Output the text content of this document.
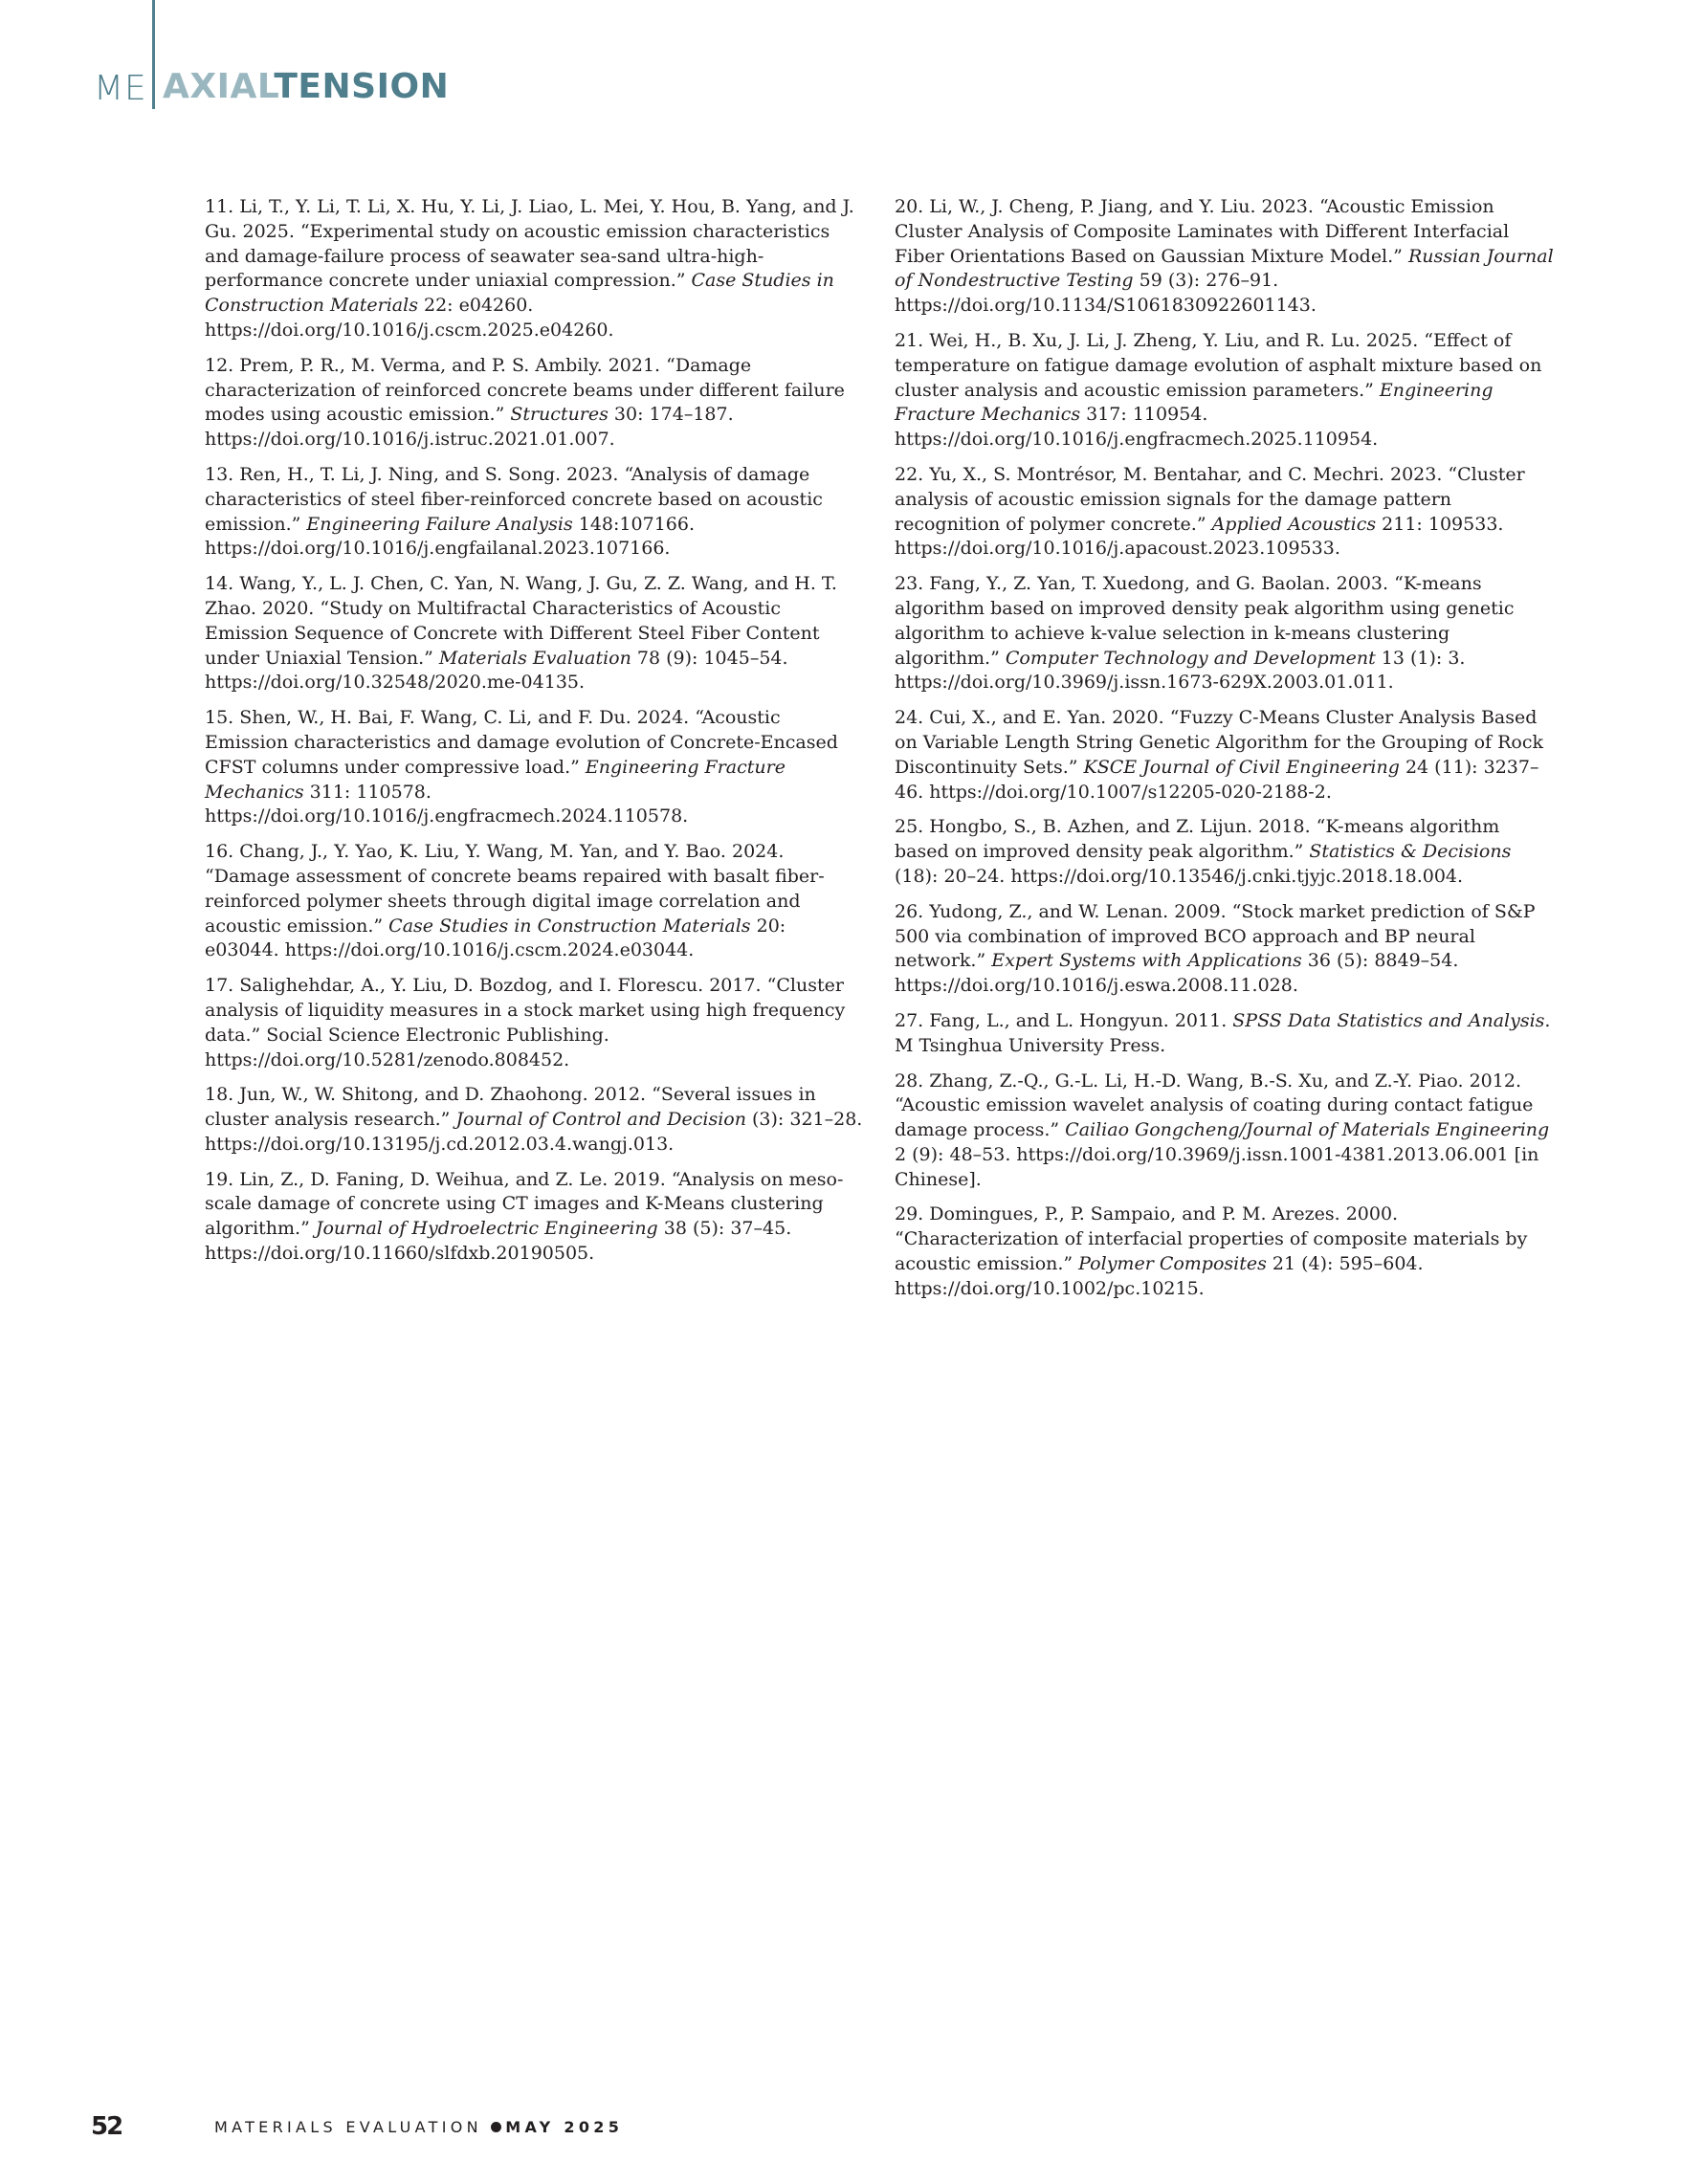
ME AXIALTENSION

11. Li, T., Y. Li, T. Li, X. Hu, Y. Li, J. Liao, L. Mei, Y. Hou, B. Yang, and J. Gu. 2025. “Experimental study on acoustic emission characteristics and damage-failure process of seawater sea-sand ultra-high-performance concrete under uniaxial compression.” Case Studies in Construction Materials 22: e04260. https://doi.org/10.1016/j.cscm.2025.e04260.

12. Prem, P. R., M. Verma, and P. S. Ambily. 2021. “Damage characterization of reinforced concrete beams under different failure modes using acoustic emission.” Structures 30: 174–187. https://doi.org/10.1016/j.istruc.2021.01.007.

13. Ren, H., T. Li, J. Ning, and S. Song. 2023. “Analysis of damage characteristics of steel fiber-reinforced concrete based on acoustic emission.” Engineering Failure Analysis 148:107166. https://doi.org/10.1016/j.engfailanal.2023.107166.

14. Wang, Y., L. J. Chen, C. Yan, N. Wang, J. Gu, Z. Z. Wang, and H. T. Zhao. 2020. “Study on Multifractal Characteristics of Acoustic Emission Sequence of Concrete with Different Steel Fiber Content under Uniaxial Tension.” Materials Evaluation 78 (9): 1045–54. https://doi.org/10.32548/2020.me-04135.

15. Shen, W., H. Bai, F. Wang, C. Li, and F. Du. 2024. “Acoustic Emission characteristics and damage evolution of Concrete-Encased CFST columns under compressive load.” Engineering Fracture Mechanics 311: 110578. https://doi.org/10.1016/j.engfracmech.2024.110578.

16. Chang, J., Y. Yao, K. Liu, Y. Wang, M. Yan, and Y. Bao. 2024. “Damage assessment of concrete beams repaired with basalt fiber-reinforced polymer sheets through digital image correlation and acoustic emission.” Case Studies in Construction Materials 20: e03044. https://doi.org/10.1016/j.cscm.2024.e03044.

17. Salighehdar, A., Y. Liu, D. Bozdog, and I. Florescu. 2017. “Cluster analysis of liquidity measures in a stock market using high frequency data.” Social Science Electronic Publishing. https://doi.org/10.5281/zenodo.808452.

18. Jun, W., W. Shitong, and D. Zhaohong. 2012. “Several issues in cluster analysis research.” Journal of Control and Decision (3): 321–28. https://doi.org/10.13195/j.cd.2012.03.4.wangj.013.

19. Lin, Z., D. Faning, D. Weihua, and Z. Le. 2019. “Analysis on meso-scale damage of concrete using CT images and K-Means clustering algorithm.” Journal of Hydroelectric Engineering 38 (5): 37–45. https://doi.org/10.11660/slfdxb.20190505.

20. Li, W., J. Cheng, P. Jiang, and Y. Liu. 2023. “Acoustic Emission Cluster Analysis of Composite Laminates with Different Interfacial Fiber Orientations Based on Gaussian Mixture Model.” Russian Journal of Nondestructive Testing 59 (3): 276–91. https://doi.org/10.1134/S1061830922601143.

21. Wei, H., B. Xu, J. Li, J. Zheng, Y. Liu, and R. Lu. 2025. “Effect of temperature on fatigue damage evolution of asphalt mixture based on cluster analysis and acoustic emission parameters.” Engineering Fracture Mechanics 317: 110954. https://doi.org/10.1016/j.engfracmech.2025.110954.

22. Yu, X., S. Montrésor, M. Bentahar, and C. Mechri. 2023. “Cluster analysis of acoustic emission signals for the damage pattern recognition of polymer concrete.” Applied Acoustics 211: 109533. https://doi.org/10.1016/j.apacoust.2023.109533.

23. Fang, Y., Z. Yan, T. Xuedong, and G. Baolan. 2003. “K-means algorithm based on improved density peak algorithm using genetic algorithm to achieve k-value selection in k-means clustering algorithm.” Computer Technology and Development 13 (1): 3. https://doi.org/10.3969/j.issn.1673-629X.2003.01.011.

24. Cui, X., and E. Yan. 2020. “Fuzzy C-Means Cluster Analysis Based on Variable Length String Genetic Algorithm for the Grouping of Rock Discontinuity Sets.” KSCE Journal of Civil Engineering 24 (11): 3237–46. https://doi.org/10.1007/s12205-020-2188-2.

25. Hongbo, S., B. Azhen, and Z. Lijun. 2018. “K-means algorithm based on improved density peak algorithm.” Statistics & Decisions (18): 20–24. https://doi.org/10.13546/j.cnki.tjyjc.2018.18.004.

26. Yudong, Z., and W. Lenan. 2009. “Stock market prediction of S&P 500 via combination of improved BCO approach and BP neural network.” Expert Systems with Applications 36 (5): 8849–54. https://doi.org/10.1016/j.eswa.2008.11.028.

27. Fang, L., and L. Hongyun. 2011. SPSS Data Statistics and Analysis. M Tsinghua University Press.

28. Zhang, Z.-Q., G.-L. Li, H.-D. Wang, B.-S. Xu, and Z.-Y. Piao. 2012. “Acoustic emission wavelet analysis of coating during contact fatigue damage process.” Cailiao Gongcheng/Journal of Materials Engineering 2 (9): 48–53. https://doi.org/10.3969/j.issn.1001-4381.2013.06.001 [in Chinese].

29. Domingues, P., P. Sampaio, and P. M. Arezes. 2000. “Characterization of interfacial properties of composite materials by acoustic emission.” Polymer Composites 21 (4): 595–604. https://doi.org/10.1002/pc.10215.

52	MATERIALS EVALUATION MAY 2025
